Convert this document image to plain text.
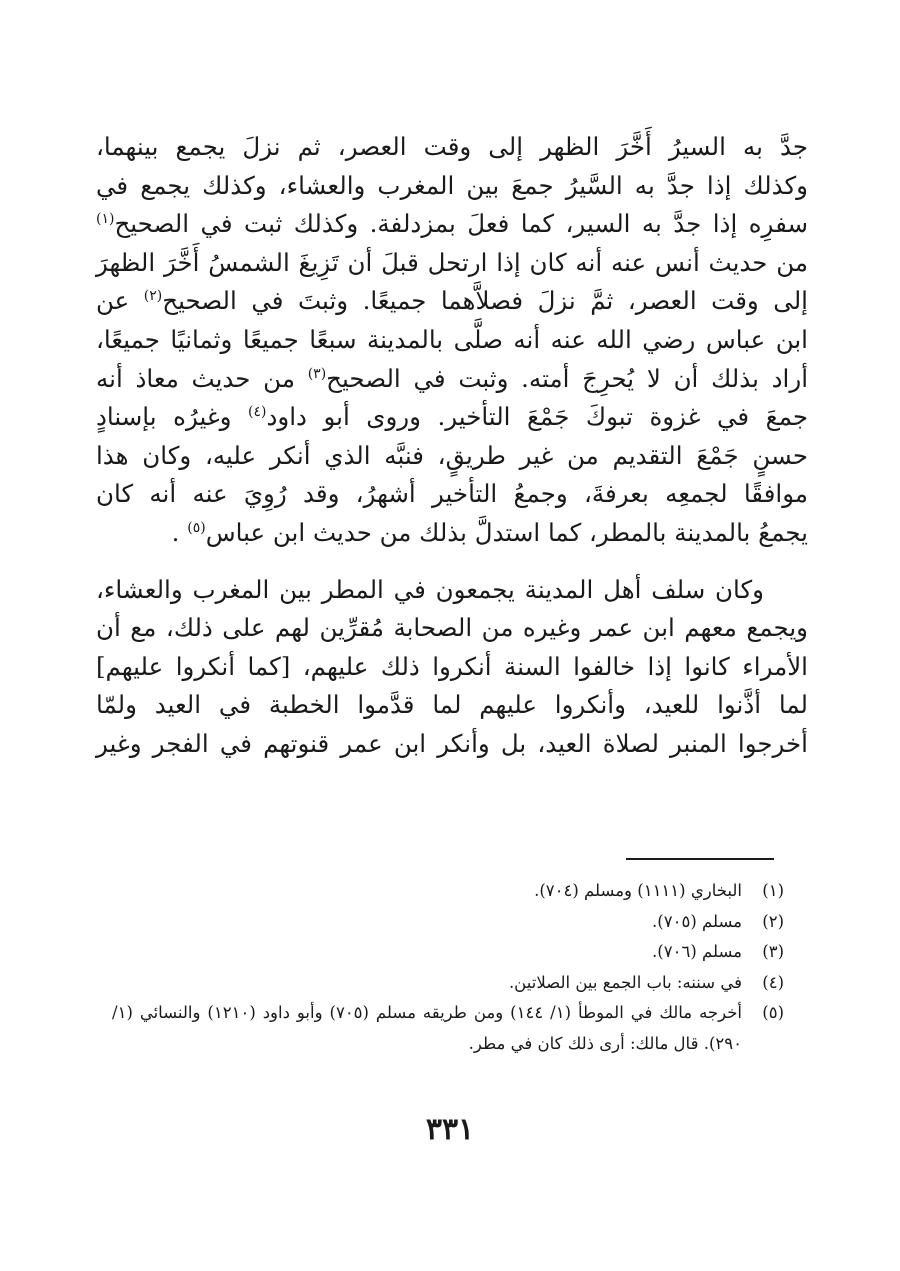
جدَّ به السيرُ أَخَّرَ الظهر إلى وقت العصر، ثم نزلَ يجمع بينهما،
وكذلك إذا جدَّ به السَّيرُ جمعَ بين المغرب والعشاء، وكذلك يجمع في
سفرِه إذا جدَّ به السير، كما فعلَ بمزدلفة. وكذلك ثبت في الصحيح$^{(١)}$
من حديث أنس عنه أنه كان إذا ارتحل قبلَ أن تَزِيغَ الشمسُ أَخَّرَ الظهرَ
إلى وقت العصر، ثمَّ نزلَ فصلاَّهما جميعًا. وثبتَ في الصحيح$^{(٢)}$ عن
ابن عباس رضي الله عنه أنه صلَّى بالمدينة سبعًا جميعًا وثمانيًا جميعًا،
أراد بذلك أن لا يُحرِجَ أمته. وثبت في الصحيح$^{(٣)}$ من حديث معاذ أنه
جمعَ في غزوة تبوكَ جَمْعَ التأخير. وروى أبو داود$^{(٤)}$ وغيرُه بإسنادٍ
حسنٍ جَمْعَ التقديم من غير طريقٍ، فنبَّه الذي أنكر عليه، وكان هذا
موافقًا لجمعِه بعرفةَ، وجمعُ التأخير أشهرُ، وقد رُوِيَ عنه أنه كان
يجمعُ بالمدينة بالمطر، كما استدلَّ بذلك من حديث ابن عباس$^{(٥)}$ .

وكان سلف أهل المدينة يجمعون في المطر بين المغرب والعشاء،
ويجمع معهم ابن عمر وغيره من الصحابة مُقرِّين لهم على ذلك، مع أن
الأمراء كانوا إذا خالفوا السنة أنكروا ذلك عليهم، [كما أنكروا عليهم]
لما أذَّنوا للعيد، وأنكروا عليهم لما قدَّموا الخطبة في العيد ولمّا
أخرجوا المنبر لصلاة العيد، بل وأنكر ابن عمر قنوتهم في الفجر وغير

(١)
البخاري (١١١١) ومسلم (٧٠٤).
(٢)
مسلم (٧٠٥).
(٣)
مسلم (٧٠٦).
(٤)
في سننه: باب الجمع بين الصلاتين.
(٥)
أخرجه مالك في الموطأ (١/ ١٤٤) ومن طريقه مسلم (٧٠٥) وأبو داود (١٢١٠) والنسائي (١/ ٢٩٠). قال مالك: أرى ذلك كان في مطر.
٣٣١
